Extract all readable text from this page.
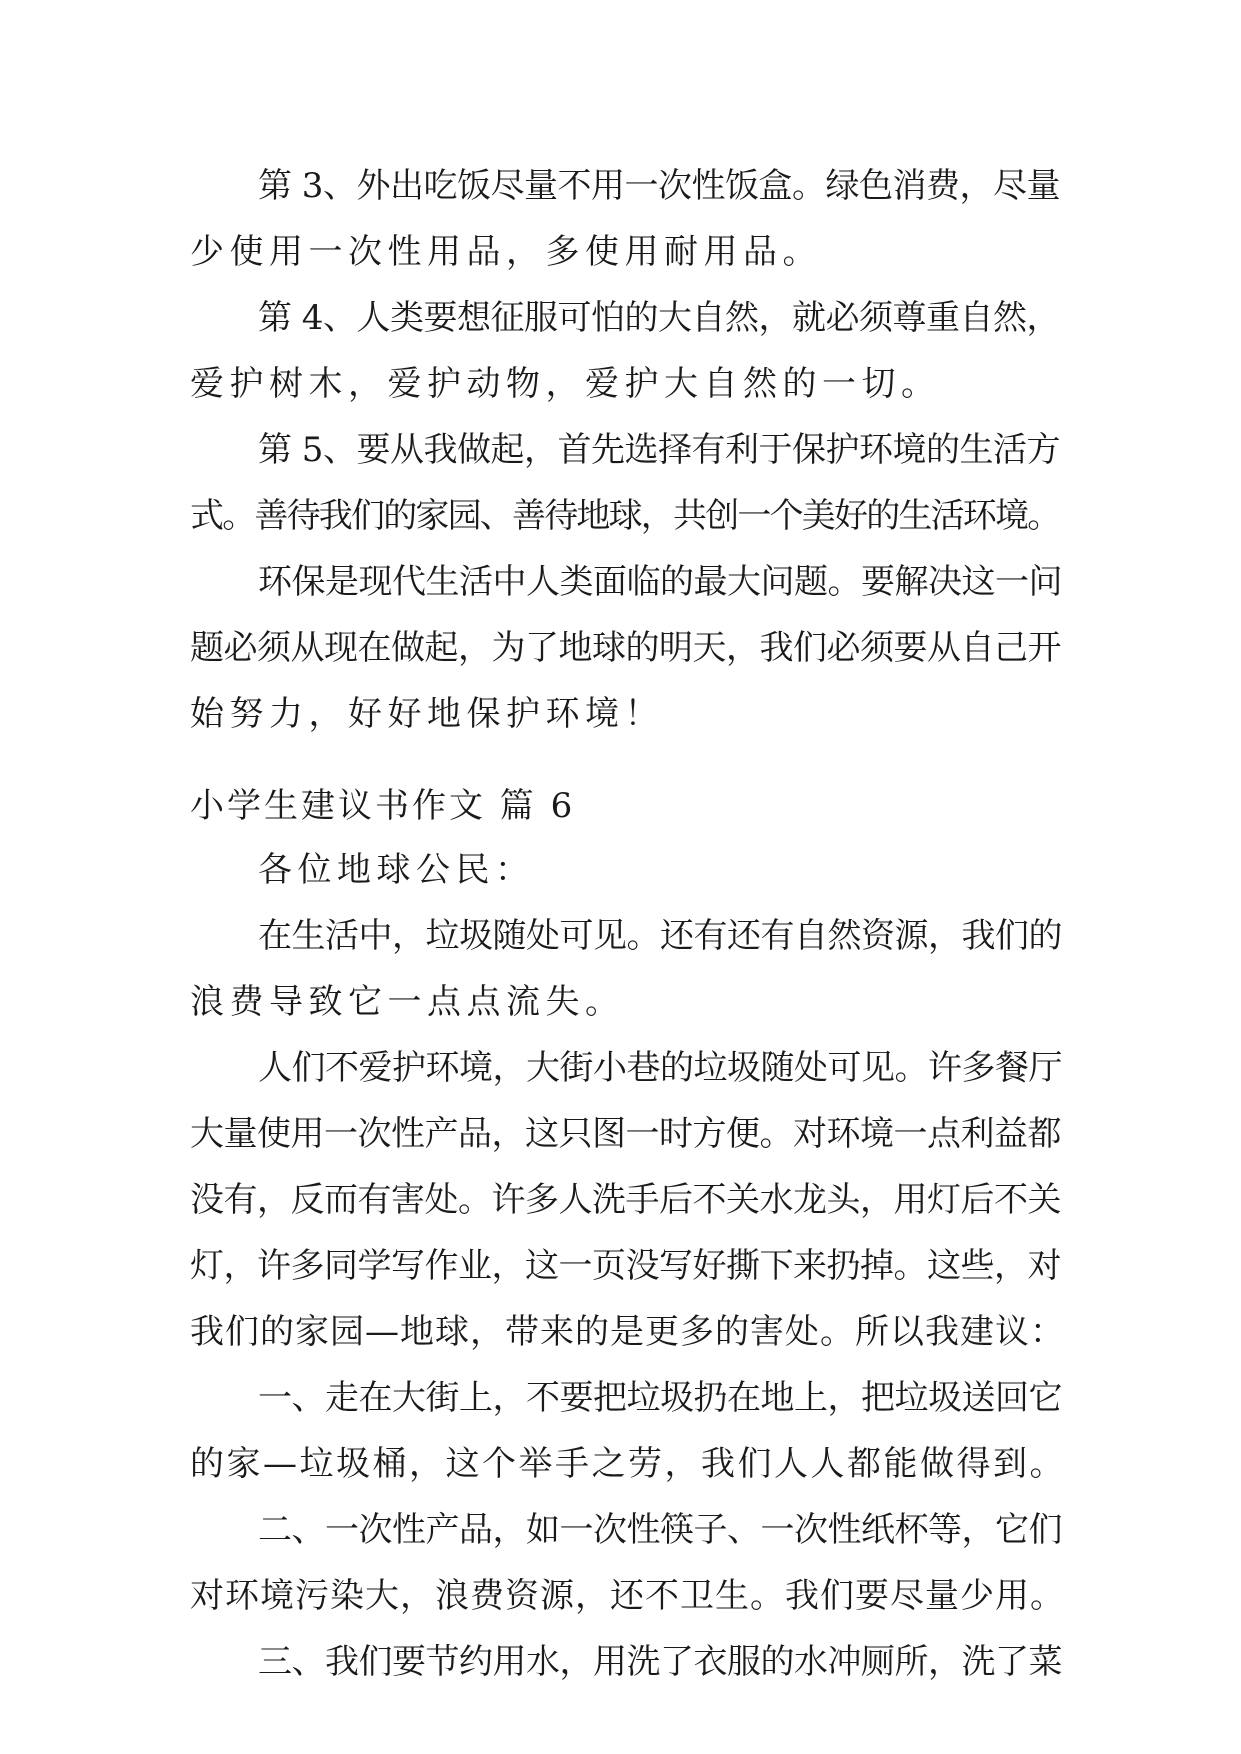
第 3、外出吃饭尽量不用一次性饭盒。绿色消费，尽量
少使用一次性用品，多使用耐用品。
第 4、人类要想征服可怕的大自然，就必须尊重自然，
爱护树木，爱护动物，爱护大自然的一切。
第 5、要从我做起，首先选择有利于保护环境的生活方
式。善待我们的家园、善待地球，共创一个美好的生活环境。
环保是现代生活中人类面临的最大问题。要解决这一问
题必须从现在做起，为了地球的明天，我们必须要从自己开
始努力，好好地保护环境！
小学生建议书作文 篇 6
各位地球公民：
在生活中，垃圾随处可见。还有还有自然资源，我们的
浪费导致它一点点流失。
人们不爱护环境，大街小巷的垃圾随处可见。许多餐厅
大量使用一次性产品，这只图一时方便。对环境一点利益都
没有，反而有害处。许多人洗手后不关水龙头，用灯后不关
灯，许多同学写作业，这一页没写好撕下来扔掉。这些，对
我们的家园—地球，带来的是更多的害处。所以我建议：
一、走在大街上，不要把垃圾扔在地上，把垃圾送回它
的家—垃圾桶，这个举手之劳，我们人人都能做得到。
二、一次性产品，如一次性筷子、一次性纸杯等，它们
对环境污染大，浪费资源，还不卫生。我们要尽量少用。
三、我们要节约用水，用洗了衣服的水冲厕所，洗了菜
